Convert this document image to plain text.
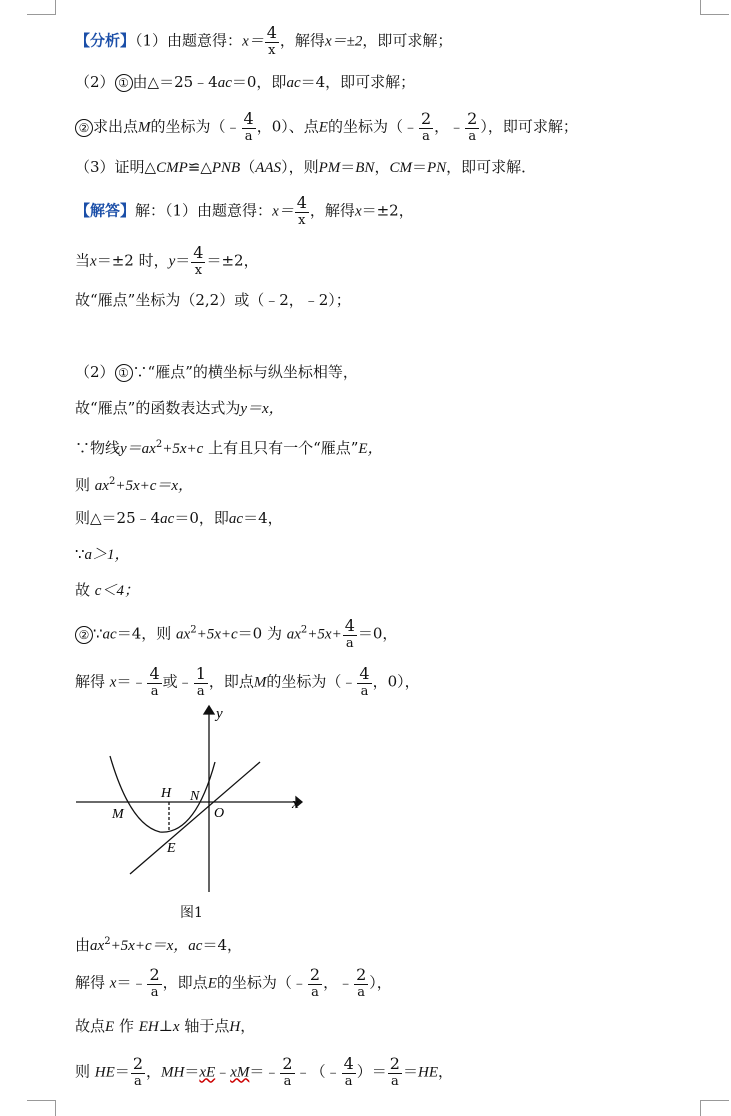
【分析】（1）由题意得：x＝ 4
x
，解得x＝±2，即可求解；
（2） ① 由△＝25﹣4ac＝0，即ac＝4，即可求解；
② 求出点M的坐标为（﹣ 4
a
，0）、点E的坐标为（﹣ 2
a
，﹣ 2
a
），即可求解；
（3）证明△CMP≌△PNB（AAS），则PM＝BN，CM＝PN，即可求解．
【解答】解：（1）由题意得：x＝ 4
x
，解得x＝±2，
当x＝±2 时，y＝ 4
x
＝±2，
故“雁点”坐标为（2,2）或（﹣2，﹣2）；
（2） ① ∵“雁点”的横坐标与纵坐标相等，
故“雁点”的函数表达式为y＝x，
∵物线$y=ax^2+5x+c$ 上有且只有一个“雁点”E，
则 $ax^2+5x+c=x$，
则△＝25﹣4ac＝0，即ac＝4，
∵a＞1，
故 c＜4；
② ∵ac＝4，则 $ax^2+5x+c=0$ 为 $ax^2+5x+ 4$
a
＝0，
解得 x＝﹣ 4
a
或﹣ 1
a
，即点M的坐标为（﹣ 4
a
，0），
y
x
H N
M	O
E
图1
由$ax^2+5x+c=x$，ac＝4，
解得 x＝﹣ 2
a
，即点E的坐标为（﹣ 2
a
，﹣ 2
a
），
故点E 作 EH⊥x 轴于点H，
则 HE＝ 2
a
，MH＝xE﹣xM＝﹣ 2
a
﹣（﹣ 4
a
）＝ 2
a
＝HE，
